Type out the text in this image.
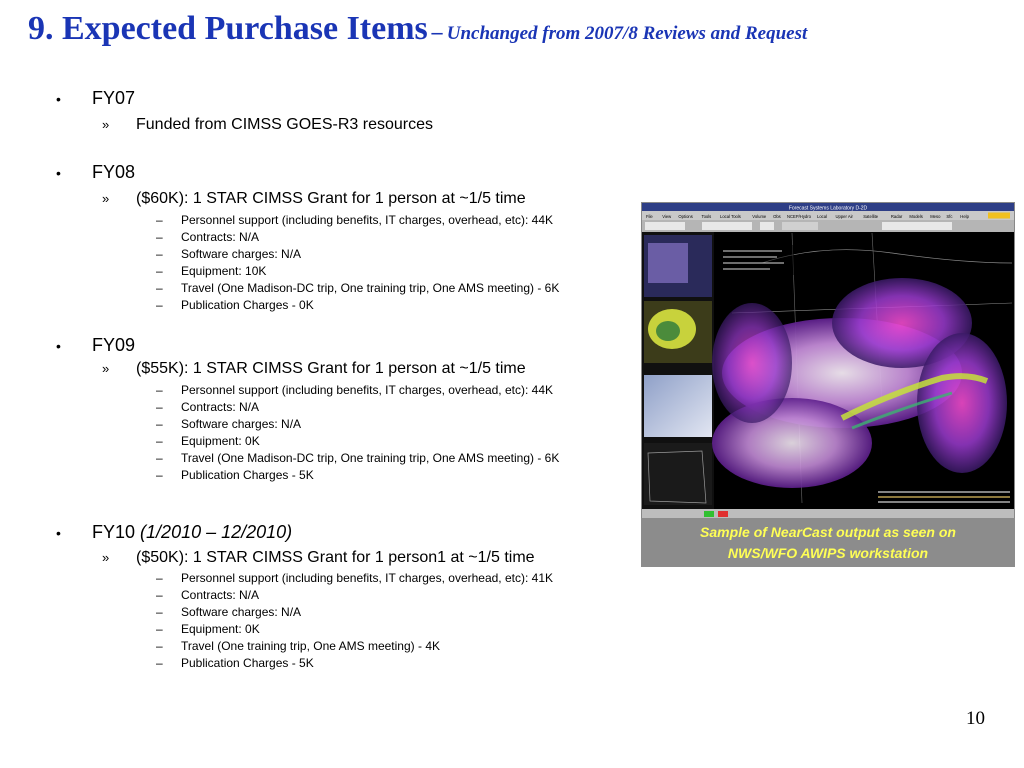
9. Expected Purchase Items – Unchanged from 2007/8 Reviews and Request
• FY07
» Funded from CIMSS GOES-R3 resources
• FY08
» ($60K): 1 STAR CIMSS Grant for 1 person at ~1/5 time
– Personnel support (including benefits, IT charges, overhead, etc): 44K
– Contracts: N/A
– Software charges: N/A
– Equipment: 10K
– Travel (One Madison-DC trip, One training trip, One AMS meeting) - 6K
– Publication Charges - 0K
• FY09
» ($55K): 1 STAR CIMSS Grant for 1 person at ~1/5 time
– Personnel support (including benefits, IT charges, overhead, etc): 44K
– Contracts: N/A
– Software charges: N/A
– Equipment: 0K
– Travel (One Madison-DC trip, One training trip, One AMS meeting) - 6K
– Publication Charges - 5K
• FY10 (1/2010 – 12/2010)
» ($50K): 1 STAR CIMSS Grant for 1 person1 at ~1/5 time
– Personnel support (including benefits, IT charges, overhead, etc): 41K
– Contracts: N/A
– Software charges: N/A
– Equipment: 0K
– Travel (One training trip, One AMS meeting) - 4K
– Publication Charges - 5K
Forecast Systems Laboratory D-2D
File View Options Tools Local Tools	Volume Obs NCEP/Hydro Local Upper Air Satellite	Radar Models Meso Sfc Help
Sample of NearCast output as seen on
NWS/WFO AWIPS workstation
10
